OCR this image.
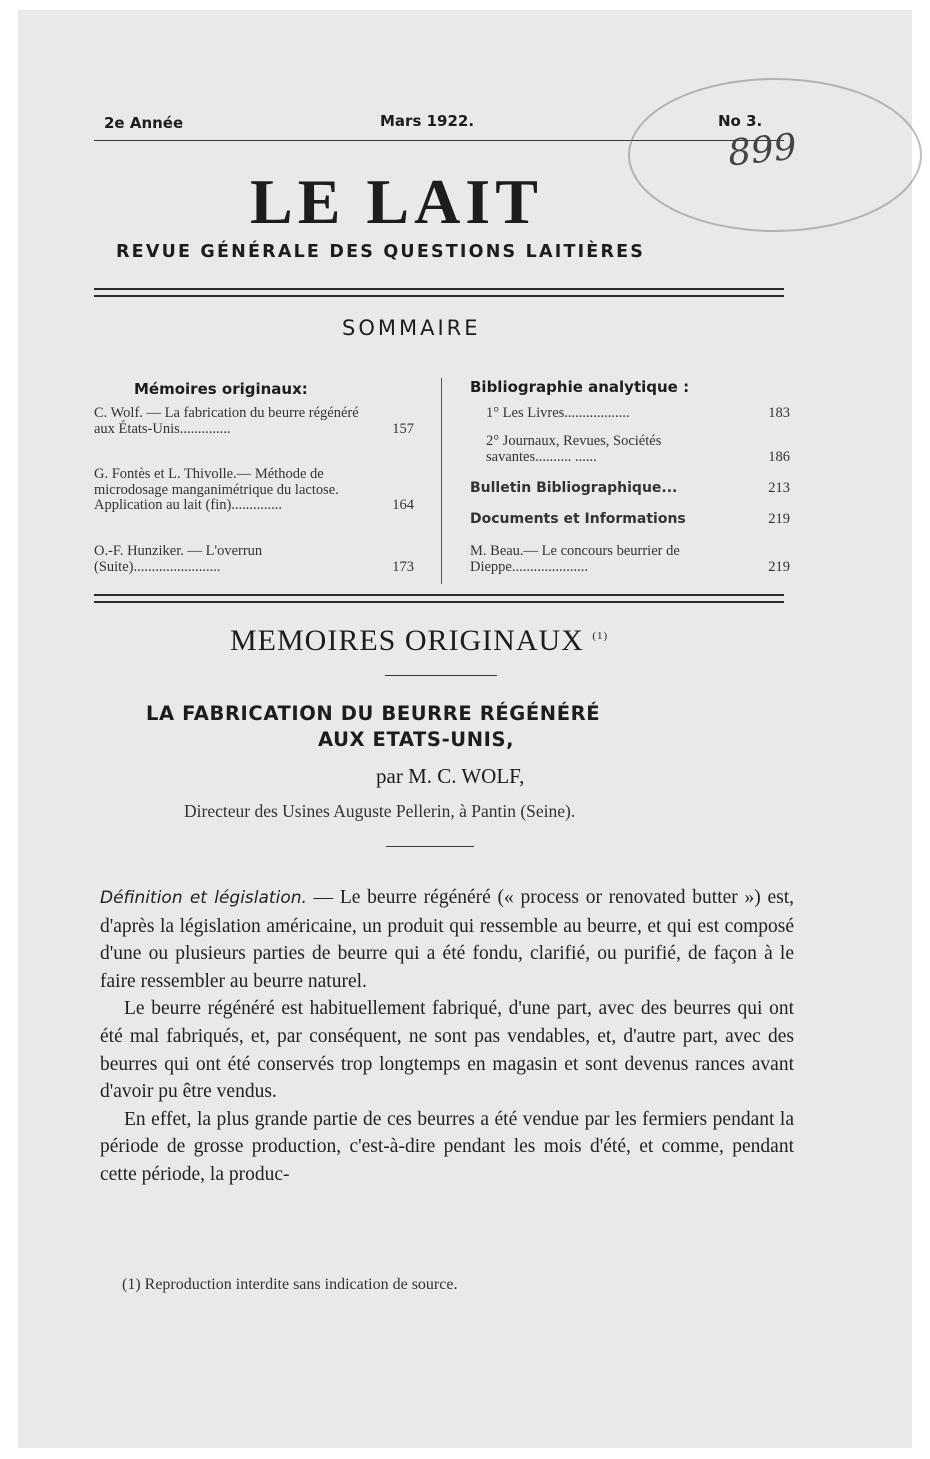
2e Année	Mars 1922.	No 3.
899
LE LAIT
REVUE GÉNÉRALE DES QUESTIONS LAITIÈRES
SOMMAIRE
Mémoires originaux:
C. Wolf. — La fabrication du beurre régénéré aux États-Unis..............	157
G. Fontès et L. Thivolle.— Méthode de microdosage manganimétrique du lactose. Application au lait (fin)..............	164
O.-F. Hunziker. — L'overrun (Suite)........................	173
Bibliographie analytique :
1° Les Livres..................	183
2° Journaux, Revues, Sociétés savantes.......... ......	186
Bulletin Bibliographique...	213
Documents et Informations	219
M. Beau.— Le concours beurrier de Dieppe.....................	219
MEMOIRES ORIGINAUX $^{(1)}$
LA FABRICATION DU BEURRE RÉGÉNÉRÉ
AUX ETATS-UNIS,
par M. C. WOLF,
Directeur des Usines Auguste Pellerin, à Pantin (Seine).

Définition et législation. — Le beurre régénéré (« process or renovated butter ») est, d'après la législation américaine, un produit qui ressemble au beurre, et qui est composé d'une ou plusieurs parties de beurre qui a été fondu, clarifié, ou purifié, de façon à le faire ressembler au beurre naturel.

Le beurre régénéré est habituellement fabriqué, d'une part, avec des beurres qui ont été mal fabriqués, et, par conséquent, ne sont pas vendables, et, d'autre part, avec des beurres qui ont été conservés trop longtemps en magasin et sont devenus rances avant d'avoir pu être vendus.

En effet, la plus grande partie de ces beurres a été vendue par les fermiers pendant la période de grosse production, c'est-à-dire pendant les mois d'été, et comme, pendant cette période, la produc-

(1) Reproduction interdite sans indication de source.
